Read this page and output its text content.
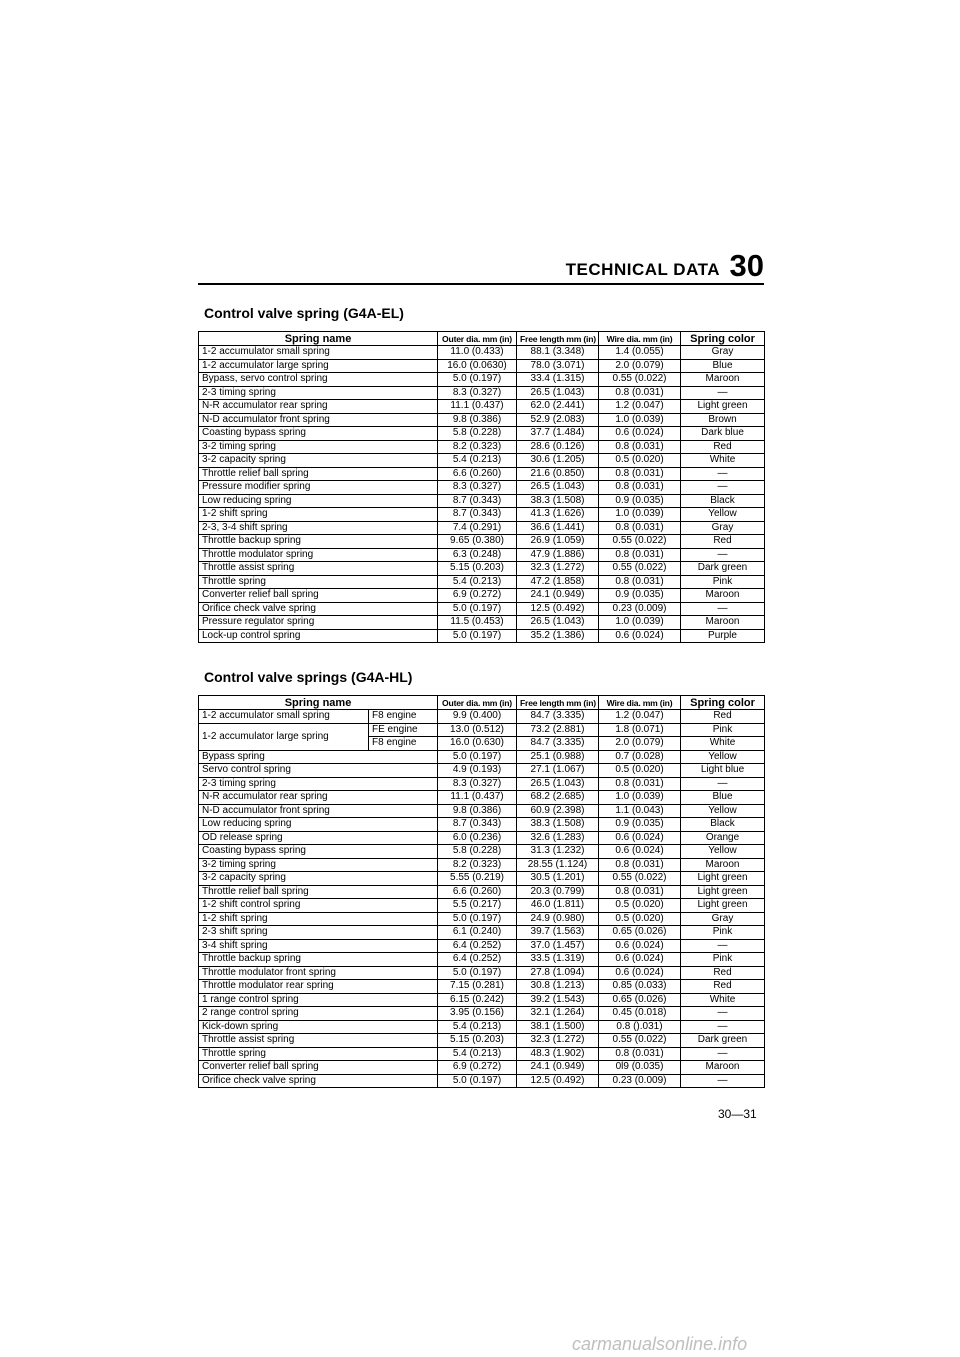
TECHNICAL DATA 30
Control valve spring (G4A-EL)
Spring name	Outer dia. mm (in)	Free length mm (in)	Wire dia. mm (in)	Spring color
1-2 accumulator small spring	11.0 (0.433)	88.1 (3.348)	1.4 (0.055)	Gray
1-2 accumulator large spring	16.0 (0.0630)	78.0 (3.071)	2.0 (0.079)	Blue
Bypass, servo control spring	5.0 (0.197)	33.4 (1.315)	0.55 (0.022)	Maroon
2-3 timing spring	8.3 (0.327)	26.5 (1.043)	0.8 (0.031)	—
N-R accumulator rear spring	11.1 (0.437)	62.0 (2.441)	1.2 (0.047)	Light green
N-D accumulator front spring	9.8 (0.386)	52.9 (2.083)	1.0 (0.039)	Brown
Coasting bypass spring	5.8 (0.228)	37.7 (1.484)	0.6 (0.024)	Dark blue
3-2 timing spring	8.2 (0.323)	28.6 (0.126)	0.8 (0.031)	Red
3-2 capacity spring	5.4 (0.213)	30.6 (1.205)	0.5 (0.020)	White
Throttle relief ball spring	6.6 (0.260)	21.6 (0.850)	0.8 (0.031)	—
Pressure modifier spring	8.3 (0.327)	26.5 (1.043)	0.8 (0.031)	—
Low reducing spring	8.7 (0.343)	38.3 (1.508)	0.9 (0.035)	Black
1-2 shift spring	8.7 (0.343)	41.3 (1.626)	1.0 (0.039)	Yellow
2-3, 3-4 shift spring	7.4 (0.291)	36.6 (1.441)	0.8 (0.031)	Gray
Throttle backup spring	9.65 (0.380)	26.9 (1.059)	0.55 (0.022)	Red
Throttle modulator spring	6.3 (0.248)	47.9 (1.886)	0.8 (0.031)	—
Throttle assist spring	5.15 (0.203)	32.3 (1.272)	0.55 (0.022)	Dark green
Throttle spring	5.4 (0.213)	47.2 (1.858)	0.8 (0.031)	Pink
Converter relief ball spring	6.9 (0.272)	24.1 (0.949)	0.9 (0.035)	Maroon
Orifice check valve spring	5.0 (0.197)	12.5 (0.492)	0.23 (0.009)	—
Pressure regulator spring	11.5 (0.453)	26.5 (1.043)	1.0 (0.039)	Maroon
Lock-up control spring	5.0 (0.197)	35.2 (1.386)	0.6 (0.024)	Purple
Control valve springs (G4A-HL)
Spring name		Outer dia. mm (in)	Free length mm (in)	Wire dia. mm (in)	Spring color
1-2 accumulator small spring	F8 engine	9.9 (0.400)	84.7 (3.335)	1.2 (0.047)	Red
1-2 accumulator large spring	FE engine	13.0 (0.512)	73.2 (2.881)	1.8 (0.071)	Pink
	F8 engine	16.0 (0.630)	84.7 (3.335)	2.0 (0.079)	White
Bypass spring		5.0 (0.197)	25.1 (0.988)	0.7 (0.028)	Yellow
Servo control spring		4.9 (0.193)	27.1 (1.067)	0.5 (0.020)	Light blue
2-3 timing spring		8.3 (0.327)	26.5 (1.043)	0.8 (0.031)	—
N-R accumulator rear spring		11.1 (0.437)	68.2 (2.685)	1.0 (0.039)	Blue
N-D accumulator front spring		9.8 (0.386)	60.9 (2.398)	1.1 (0.043)	Yellow
Low reducing spring		8.7 (0.343)	38.3 (1.508)	0.9 (0.035)	Black
OD release spring		6.0 (0.236)	32.6 (1.283)	0.6 (0.024)	Orange
Coasting bypass spring		5.8 (0.228)	31.3 (1.232)	0.6 (0.024)	Yellow
3-2 timing spring		8.2 (0.323)	28.55 (1.124)	0.8 (0.031)	Maroon
3-2 capacity spring		5.55 (0.219)	30.5 (1.201)	0.55 (0.022)	Light green
Throttle relief ball spring		6.6 (0.260)	20.3 (0.799)	0.8 (0.031)	Light green
1-2 shift control spring		5.5 (0.217)	46.0 (1.811)	0.5 (0.020)	Light green
1-2 shift spring		5.0 (0.197)	24.9 (0.980)	0.5 (0.020)	Gray
2-3 shift spring		6.1 (0.240)	39.7 (1.563)	0.65 (0.026)	Pink
3-4 shift spring		6.4 (0.252)	37.0 (1.457)	0.6 (0.024)	—
Throttle backup spring		6.4 (0.252)	33.5 (1.319)	0.6 (0.024)	Pink
Throttle modulator front spring		5.0 (0.197)	27.8 (1.094)	0.6 (0.024)	Red
Throttle modulator rear spring		7.15 (0.281)	30.8 (1.213)	0.85 (0.033)	Red
1 range control spring		6.15 (0.242)	39.2 (1.543)	0.65 (0.026)	White
2 range control spring		3.95 (0.156)	32.1 (1.264)	0.45 (0.018)	—
Kick-down spring		5.4 (0.213)	38.1 (1.500)	0.8 ().031)	—
Throttle assist spring		5.15 (0.203)	32.3 (1.272)	0.55 (0.022)	Dark green
Throttle spring		5.4 (0.213)	48.3 (1.902)	0.8 (0.031)	—
Converter relief ball spring		6.9 (0.272)	24.1 (0.949)	0l9 (0.035)	Maroon
Orifice check valve spring		5.0 (0.197)	12.5 (0.492)	0.23 (0.009)	—
30—31
carmanualsonline.info
